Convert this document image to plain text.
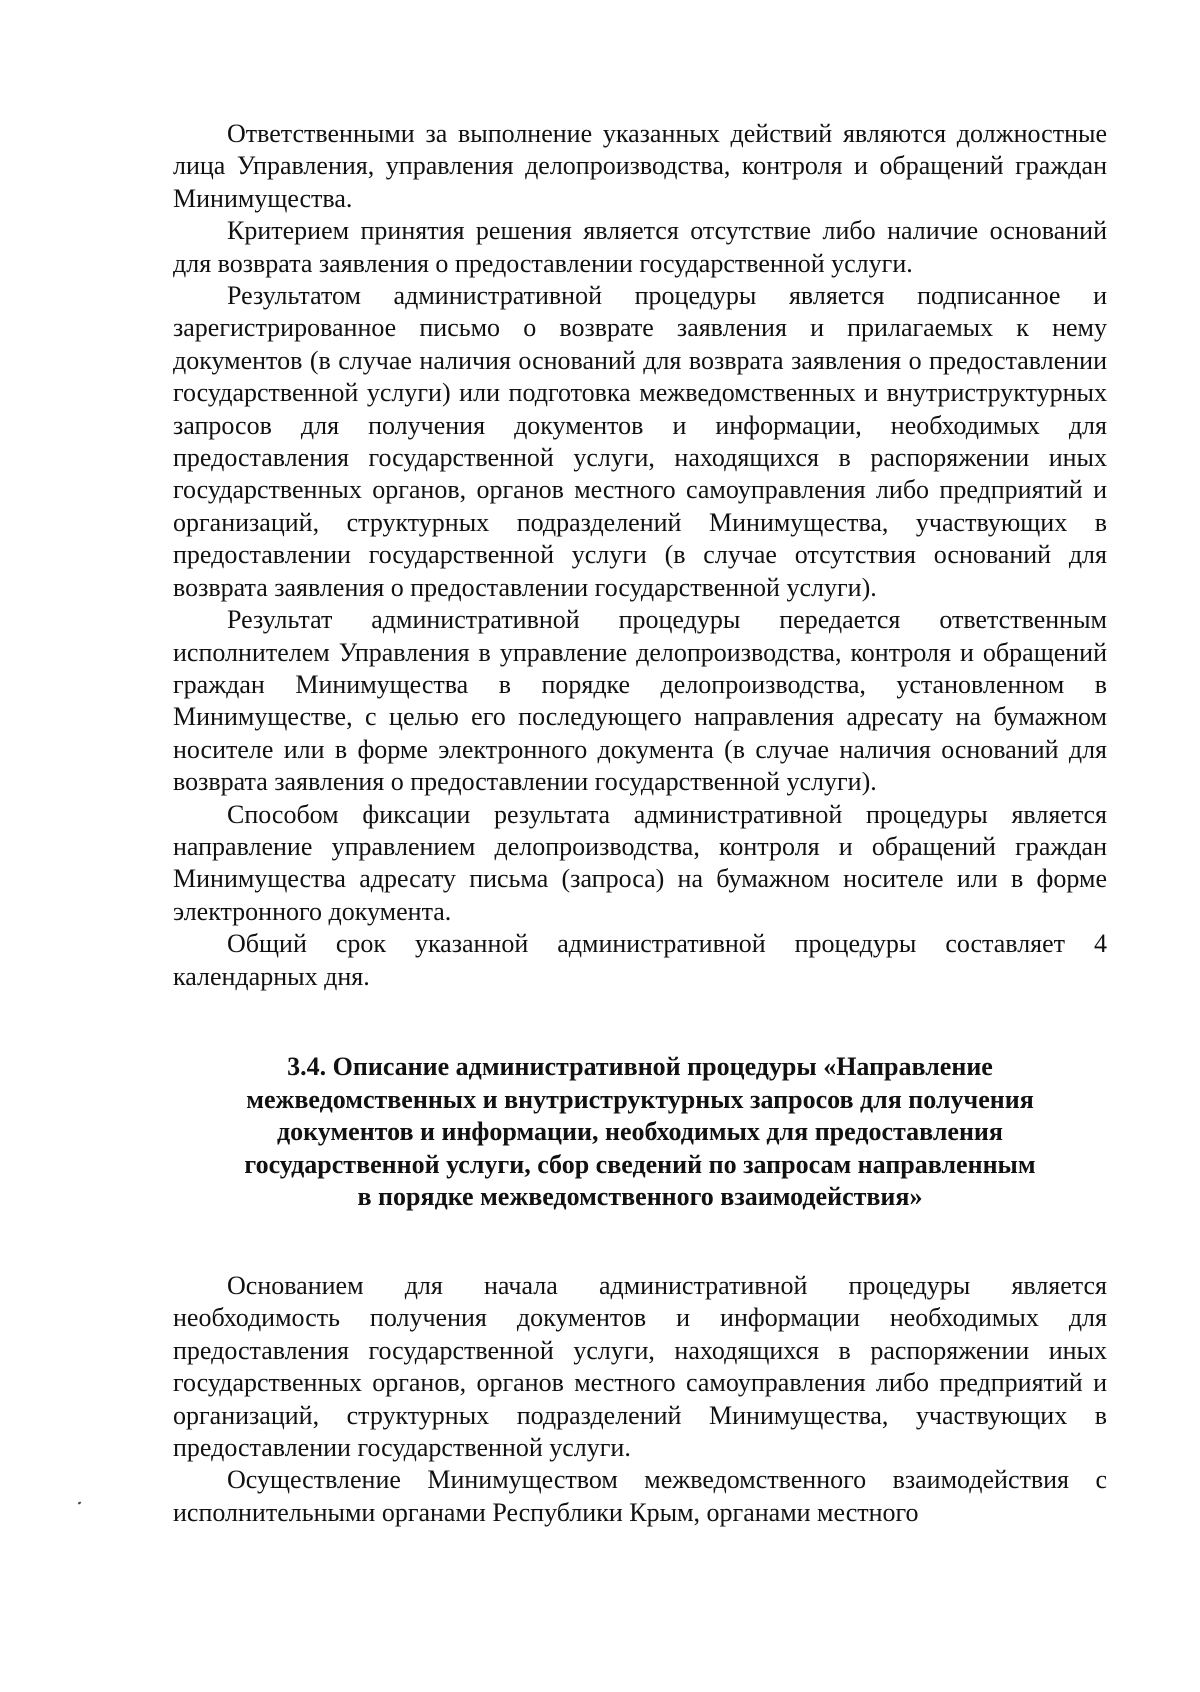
Ответственными за выполнение указанных действий являются должностные лица Управления, управления делопроизводства, контроля и обращений граждан Минимущества.

Критерием принятия решения является отсутствие либо наличие оснований для возврата заявления о предоставлении государственной услуги.

Результатом административной процедуры является подписанное и зарегистрированное письмо о возврате заявления и прилагаемых к нему документов (в случае наличия оснований для возврата заявления о предоставлении государственной услуги) или подготовка межведомственных и внутриструктурных запросов для получения документов и информации, необходимых для предоставления государственной услуги, находящихся в распоряжении иных государственных органов, органов местного самоуправления либо предприятий и организаций, структурных подразделений Минимущества, участвующих в предоставлении государственной услуги (в случае отсутствия оснований для возврата заявления о предоставлении государственной услуги).

Результат административной процедуры передается ответственным исполнителем Управления в управление делопроизводства, контроля и обращений граждан Минимущества в порядке делопроизводства, установленном в Минимуществе, с целью его последующего направления адресату на бумажном носителе или в форме электронного документа (в случае наличия оснований для возврата заявления о предоставлении государственной услуги).

Способом фиксации результата административной процедуры является направление управлением делопроизводства, контроля и обращений граждан Минимущества адресату письма (запроса) на бумажном носителе или в форме электронного документа.

Общий срок указанной административной процедуры составляет 4 календарных дня.

3.4. Описание административной процедуры «Направление
межведомственных и внутриструктурных запросов для получения
документов и информации, необходимых для предоставления
государственной услуги, сбор сведений по запросам направленным
в порядке межведомственного взаимодействия»

Основанием для начала административной процедуры является необходимость получения документов и информации необходимых для предоставления государственной услуги, находящихся в распоряжении иных государственных органов, органов местного самоуправления либо предприятий и организаций, структурных подразделений Минимущества, участвующих в предоставлении государственной услуги.

Осуществление Минимуществом межведомственного взаимодействия с исполнительными органами Республики Крым, органами местного
